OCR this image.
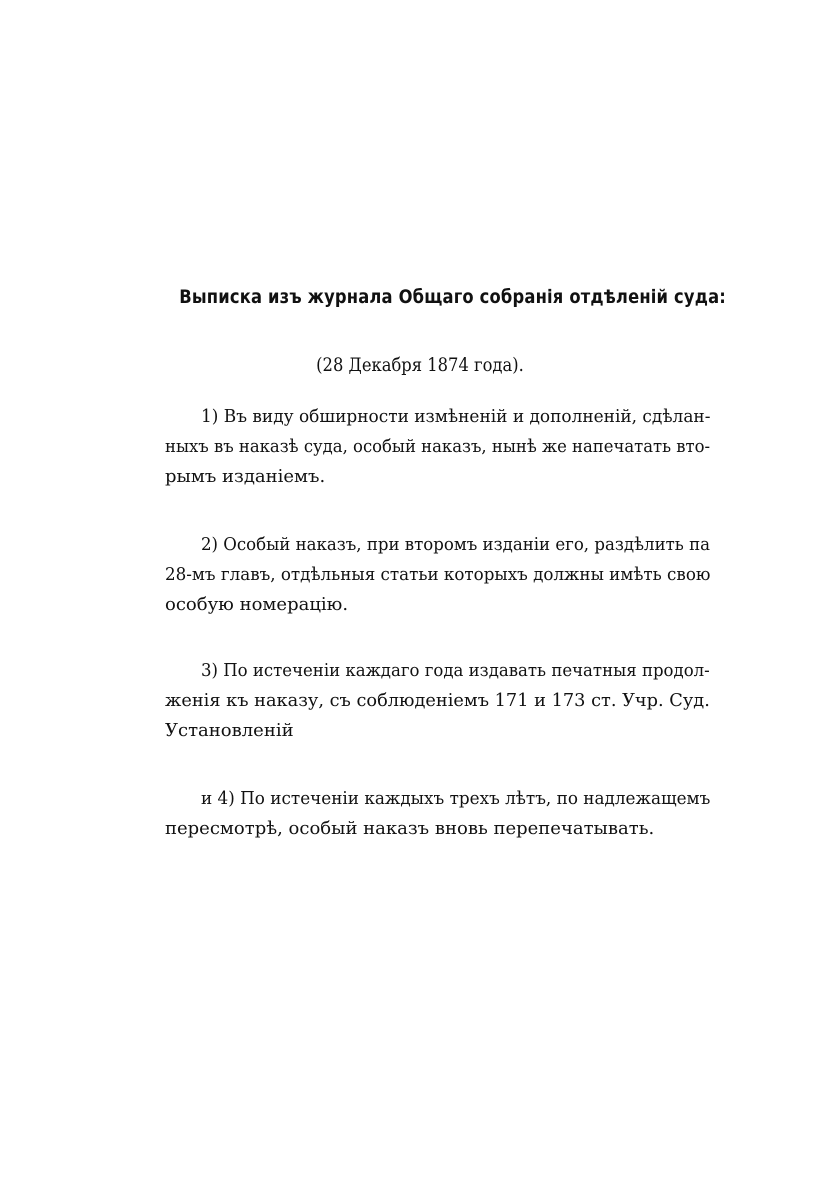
Выписка изъ журнала Общаго собранія отдѣленій суда:
(28 Декабря 1874 года).
1) Въ виду обширности измѣненій и дополненій, сдѣлан-
ныхъ въ наказѣ суда, особый наказъ, нынѣ же напечатать вто-
рымъ изданіемъ.
2) Особый наказъ, при второмъ изданіи его, раздѣлить па
28-мъ главъ, отдѣльныя статьи которыхъ должны имѣть свою
особую номерацію.
3) По истеченіи каждаго года издавать печатныя продол-
женія къ наказу, съ соблюденіемъ 171 и 173 ст. Учр. Суд.
Установленій
и 4) По истеченіи каждыхъ трехъ лѣтъ, по надлежащемъ
пересмотрѣ, особый наказъ вновь перепечатывать.
